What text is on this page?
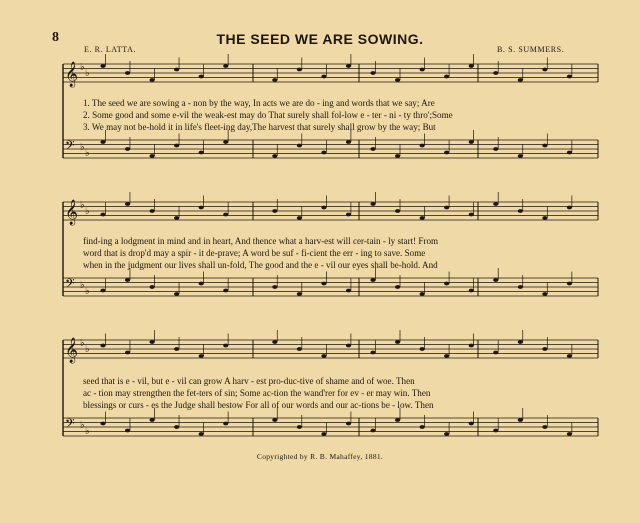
8	THE SEED WE ARE SOWING.
E. R. LATTA.	B. S. SUMMERS.
𝄞 ♭
♭
𝄢 ♭
♭
𝄞 ♭
♭
𝄢 ♭
♭
𝄞 ♭
♭
𝄢 ♭
♭
1. The seed we are sowing a - non by the way, In acts we are do - ing and words that we say; Are
2. Some good and some e-vil the weak-est may do That surely shall fol-low e - ter - ni - ty thro';Some
3. We may not be-hold it in life's fleet-ing day,The harvest that surely shall grow by the way; But
find-ing a lodgment in mind and in heart, And thence what a harv-est will cer-tain - ly start! From
word that is drop'd may a spir - it de-prave; A word be suf - fi-cient the err - ing to save. Some
when in the judgment our lives shall un-fold, The good and the e - vil our eyes shall be-hold. And
seed that is e - vil, but e - vil can grow A harv - est pro-duc-tive of shame and of woe. Then
ac - tion may strengthen the fet-ters of sin; Some ac-tion the wand'rer for ev - er may win. Then
blessings or curs - es the Judge shall bestow For all of our words and our ac-tions be - low. Then
Copyrighted by R. B. Mahaffey, 1881.
